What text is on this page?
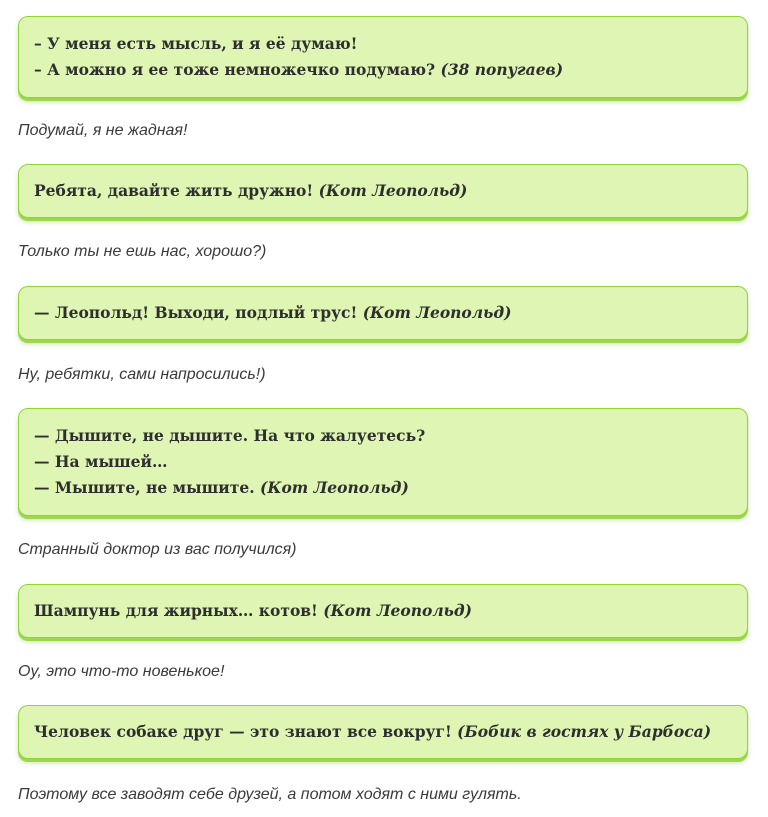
– У меня есть мысль, и я её думаю!
– А можно я ее тоже немножечко подумаю? (38 попугаев)
Подумай, я не жадная!
Ребята, давайте жить дружно! (Кот Леопольд)
Только ты не ешь нас, хорошо?)
— Леопольд! Выходи, подлый трус! (Кот Леопольд)
Ну, ребятки, сами напросились!)
— Дышите, не дышите. На что жалуетесь?
— На мышей…
— Мышите, не мышите. (Кот Леопольд)
Странный доктор из вас получился)
Шампунь для жирных… котов! (Кот Леопольд)
Оу, это что-то новенькое!
Человек собаке друг — это знают все вокруг! (Бобик в гостях у Барбоса)
Поэтому все заводят себе друзей, а потом ходят с ними гулять.
